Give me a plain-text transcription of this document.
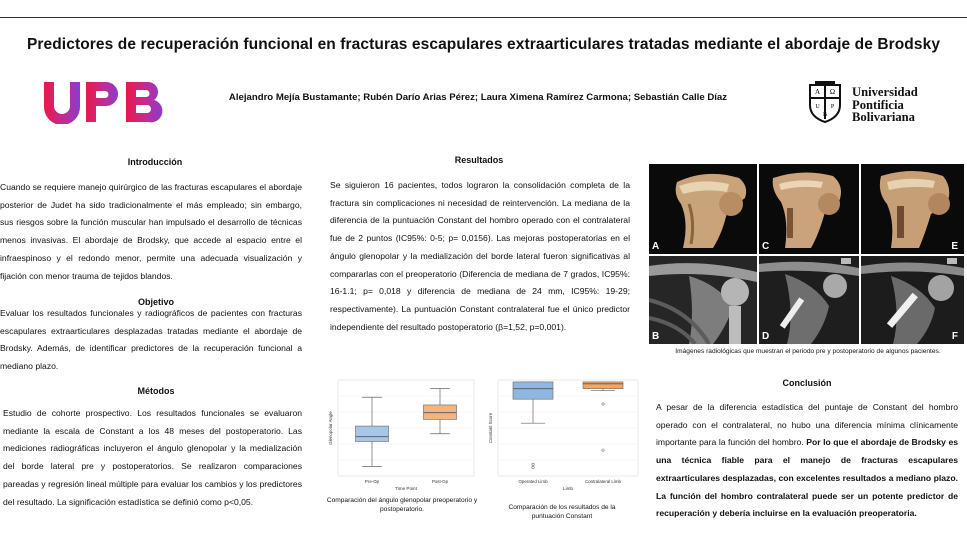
Predictores de recuperación funcional en fracturas escapulares extraarticulares tratadas mediante el abordaje de Brodsky
Alejandro Mejía Bustamante; Rubén Darío Arias Pérez; Laura Ximena Ramírez Carmona; Sebastián Calle Díaz	A Ω
U P
B
Universidad
Pontificia
Bolivariana
Introducción
Cuando se requiere manejo quirúrgico de las fracturas escapulares el abordaje posterior de Judet ha sido tradicionalmente el más empleado; sin embargo, sus riesgos sobre la función muscular han impulsado el desarrollo de técnicas menos invasivas. El abordaje de Brodsky, que accede al espacio entre el infraespinoso y el redondo menor, permite una adecuada visualización y fijación con menor trauma de tejidos blandos.
Objetivo
Evaluar los resultados funcionales y radiográficos de pacientes con fracturas escapulares extraarticulares desplazadas tratadas mediante el abordaje de Brodsky. Además, de identificar predictores de la recuperación funcional a mediano plazo.
Métodos
Estudio de cohorte prospectivo. Los resultados funcionales se evaluaron mediante la escala de Constant a los 48 meses del postoperatorio. Las mediciones radiográficas incluyeron el ángulo glenopolar y la medialización del borde lateral pre y postoperatorios. Se realizaron comparaciones pareadas y regresión lineal múltiple para evaluar los cambios y los predictores del resultado. La significación estadística se definió como p<0,05.
Resultados
Se siguieron 16 pacientes, todos lograron la consolidación completa de la fractura sin complicaciones ni necesidad de reintervención. La mediana de la diferencia de la puntuación Constant del hombro operado con el contralateral fue de 2 puntos (IC95%: 0-5; p= 0,0156). Las mejoras postoperatorias en el ángulo glenopolar y la medialización del borde lateral fueron significativas al compararlas con el preoperatorio (Diferencia de mediana de 7 grados, IC95%: 16-1.1; p= 0,018 y diferencia de mediana de 24 mm, IC95%: 19-29; respectivamente). La puntuación Constant contralateral fue el único predictor independiente del resultado postoperatorio (β=1,52, p=0,001).
Pre-Op	Post-Op
Time Point
Glenopolar Angle
Comparación del ángulo glenopolar preoperatorio y postoperatorio.
Operated Limb	Contralateral Limb
Limb
Constant Score
Comparación de los resultados de la puntuación Constant
A	C	E
B	D	F
Imágenes radiológicas que muestran el periodo pre y postoperatorio de algunos pacientes.
Conclusión
A pesar de la diferencia estadística del puntaje de Constant del hombro operado con el contralateral, no hubo una diferencia mínima clínicamente importante para la función del hombro. Por lo que el abordaje de Brodsky es una técnica fiable para el manejo de fracturas escapulares extraarticulares desplazadas, con excelentes resultados a mediano plazo. La función del hombro contralateral puede ser un potente predictor de recuperación y debería incluirse en la evaluación preoperatoria.
